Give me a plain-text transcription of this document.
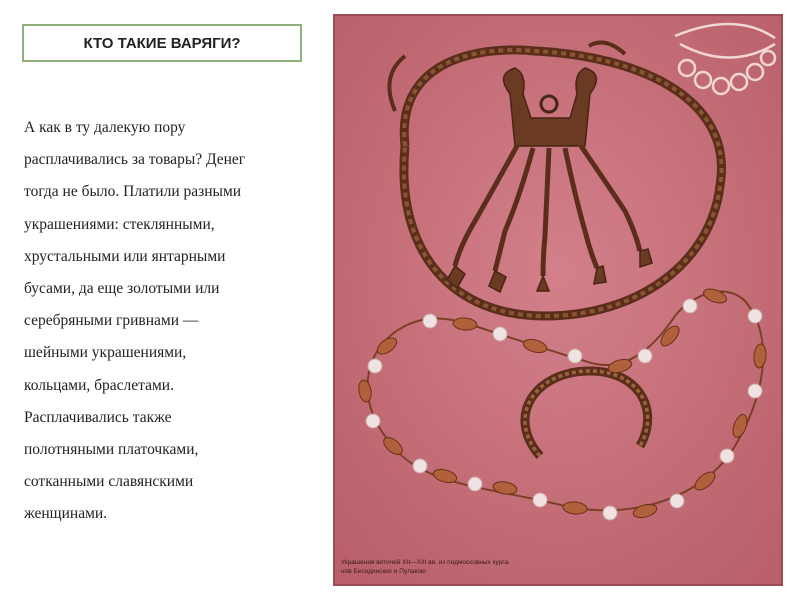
КТО ТАКИЕ ВАРЯГИ?
А как в ту далекую пору
расплачивались за товары? Денег
тогда не было. Платили разными
украшениями: стеклянными,
хрустальными или янтарными
бусами, да еще золотыми или
серебряными гривнами —
шейными украшениями,
кольцами, браслетами.
Расплачивались также
полотняными платочками,
сотканными славянскими
женщинами.
Украшения вятичей XII—XIII вв. из подмосковных курга-
нов Бесединских и Пулакою
